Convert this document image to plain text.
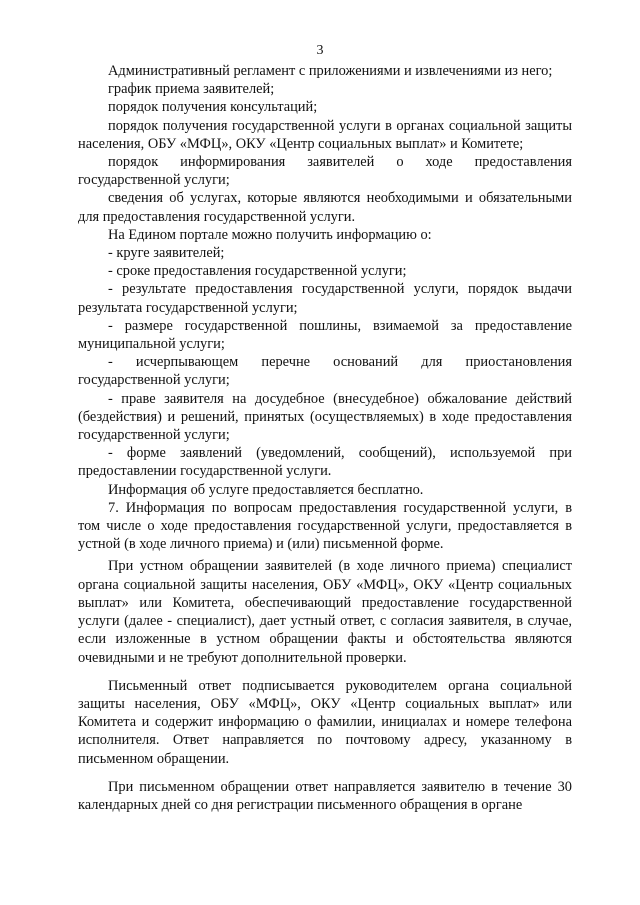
3

Административный регламент с приложениями и извлечениями из него;

график приема заявителей;

порядок получения консультаций;

порядок получения государственной услуги в органах социальной защиты населения, ОБУ «МФЦ», ОКУ «Центр социальных выплат» и Комитете;

порядок информирования заявителей о ходе предоставления государственной услуги;

сведения об услугах, которые являются необходимыми и обязательными для предоставления государственной услуги.

На Едином портале можно получить информацию о:

- круге заявителей;

- сроке предоставления государственной услуги;

- результате предоставления государственной услуги, порядок выдачи результата государственной услуги;

- размере государственной пошлины, взимаемой за предоставление муниципальной услуги;

- исчерпывающем перечне оснований для приостановления государственной услуги;

- праве заявителя на досудебное (внесудебное) обжалование действий (бездействия) и решений, принятых (осуществляемых) в ходе предоставления государственной услуги;

- форме заявлений (уведомлений, сообщений), используемой при предоставлении государственной услуги.

Информация об услуге предоставляется бесплатно.

7. Информация по вопросам предоставления государственной услуги, в том числе о ходе предоставления государственной услуги, предоставляется в устной (в ходе личного приема) и (или) письменной форме.

При устном обращении заявителей (в ходе личного приема) специалист органа социальной защиты населения, ОБУ «МФЦ», ОКУ «Центр социальных выплат» или Комитета, обеспечивающий предоставление государственной услуги (далее - специалист), дает устный ответ, с согласия заявителя, в случае, если изложенные в устном обращении факты и обстоятельства являются очевидными и не требуют дополнительной проверки.

Письменный ответ подписывается руководителем органа социальной защиты населения, ОБУ «МФЦ», ОКУ «Центр социальных выплат» или Комитета и содержит информацию о фамилии, инициалах и номере телефона исполнителя. Ответ направляется по почтовому адресу, указанному в письменном обращении.

При письменном обращении ответ направляется заявителю в течение 30 календарных дней со дня регистрации письменного обращения в органе
